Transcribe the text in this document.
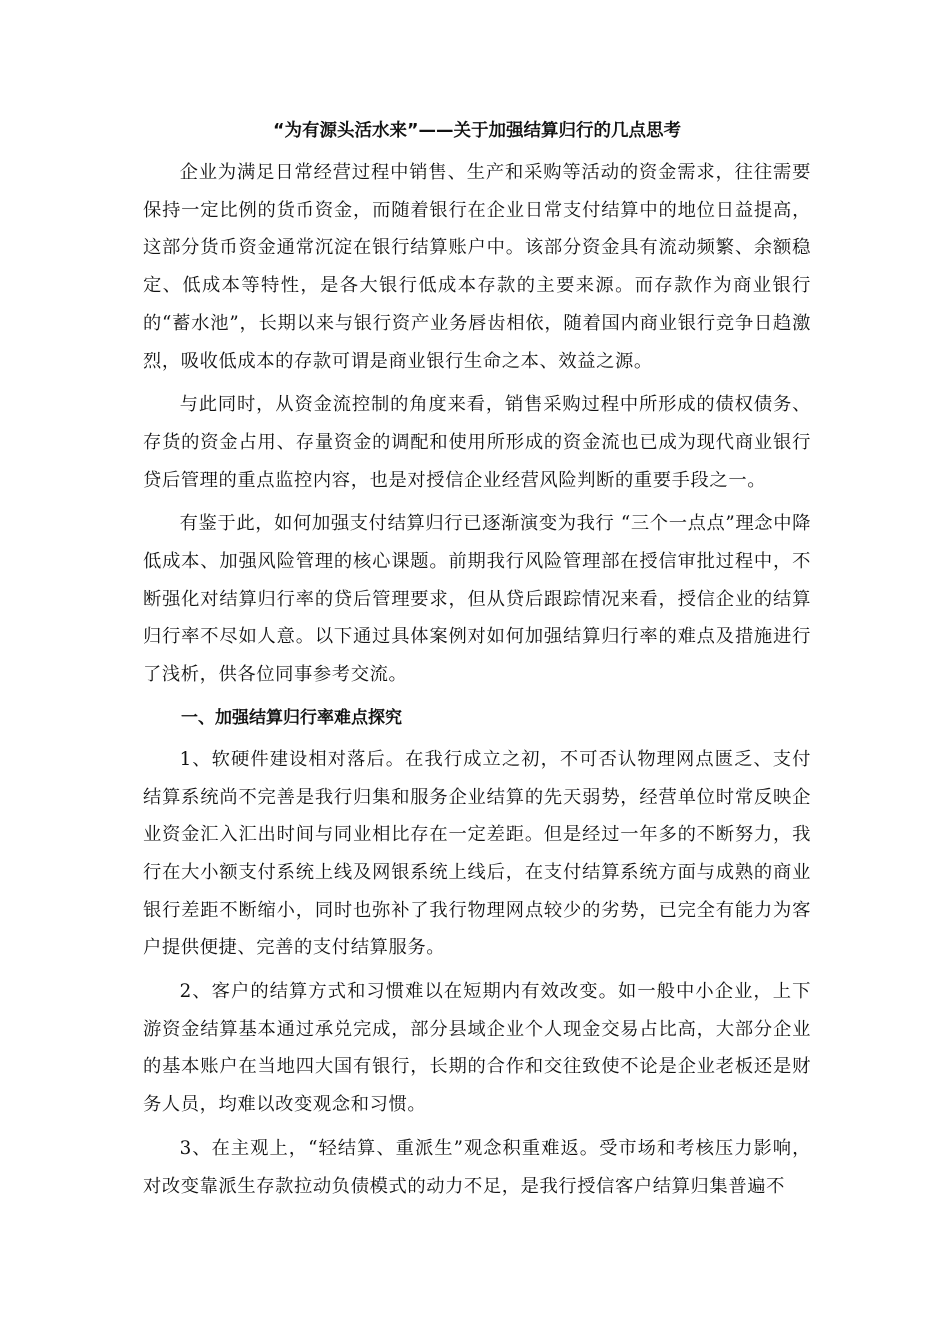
“为有源头活水来”——关于加强结算归行的几点思考

企业为满足日常经营过程中销售、生产和采购等活动的资金需求，往往需要保持一定比例的货币资金，而随着银行在企业日常支付结算中的地位日益提高，这部分货币资金通常沉淀在银行结算账户中。该部分资金具有流动频繁、余额稳定、低成本等特性，是各大银行低成本存款的主要来源。而存款作为商业银行的“蓄水池”，长期以来与银行资产业务唇齿相依，随着国内商业银行竞争日趋激烈，吸收低成本的存款可谓是商业银行生命之本、效益之源。

与此同时，从资金流控制的角度来看，销售采购过程中所形成的债权债务、存货的资金占用、存量资金的调配和使用所形成的资金流也已成为现代商业银行贷后管理的重点监控内容，也是对授信企业经营风险判断的重要手段之一。

有鉴于此，如何加强支付结算归行已逐渐演变为我行 “三个一点点”理念中降低成本、加强风险管理的核心课题。前期我行风险管理部在授信审批过程中，不断强化对结算归行率的贷后管理要求，但从贷后跟踪情况来看，授信企业的结算归行率不尽如人意。以下通过具体案例对如何加强结算归行率的难点及措施进行了浅析，供各位同事参考交流。

一、加强结算归行率难点探究

1、软硬件建设相对落后。在我行成立之初，不可否认物理网点匮乏、支付结算系统尚不完善是我行归集和服务企业结算的先天弱势，经营单位时常反映企业资金汇入汇出时间与同业相比存在一定差距。但是经过一年多的不断努力，我行在大小额支付系统上线及网银系统上线后，在支付结算系统方面与成熟的商业银行差距不断缩小，同时也弥补了我行物理网点较少的劣势，已完全有能力为客户提供便捷、完善的支付结算服务。

2、客户的结算方式和习惯难以在短期内有效改变。如一般中小企业，上下游资金结算基本通过承兑完成，部分县域企业个人现金交易占比高，大部分企业的基本账户在当地四大国有银行，长期的合作和交往致使不论是企业老板还是财务人员，均难以改变观念和习惯。

3、在主观上，“轻结算、重派生”观念积重难返。受市场和考核压力影响，对改变靠派生存款拉动负债模式的动力不足，是我行授信客户结算归集普遍不
